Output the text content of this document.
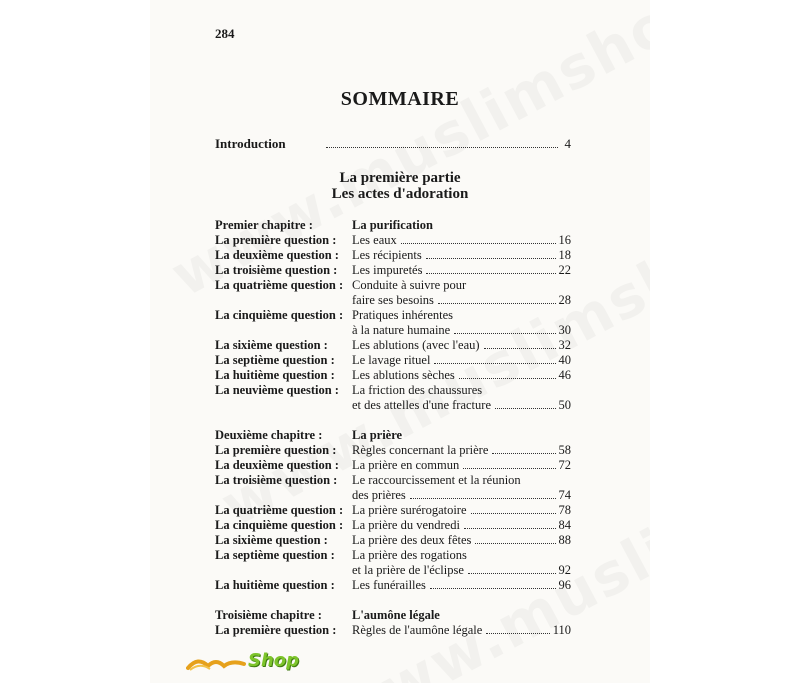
284
SOMMAIRE
Introduction	4
La première partie
Les actes d'adoration
Premier chapitre :	La purification
La première question : Les eaux	16
La deuxième question : Les récipients	18
La troisième question : Les impuretés	22
La quatrième question : Conduite à suivre pour
faire ses besoins	28
La cinquième question : Pratiques inhérentes
à la nature humaine	30
La sixième question : Les ablutions (avec l'eau)	32
La septième question : Le lavage rituel	40
La huitième question : Les ablutions sèches	46
La neuvième question : La friction des chaussures
et des attelles d'une fracture	50
Deuxième chapitre : La prière
La première question : Règles concernant la prière	58
La deuxième question : La prière en commun	72
La troisième question : Le raccourcissement et la réunion
des prières	74
La quatrième question : La prière surérogatoire	78
La cinquième question : La prière du vendredi	84
La sixième question : La prière des deux fêtes	88
La septième question : La prière des rogations
et la prière de l'éclipse	92
La huitième question : Les funérailles	96
Troisième chapitre : L'aumône légale
La première question : Règles de l'aumône légale	110
Shop
